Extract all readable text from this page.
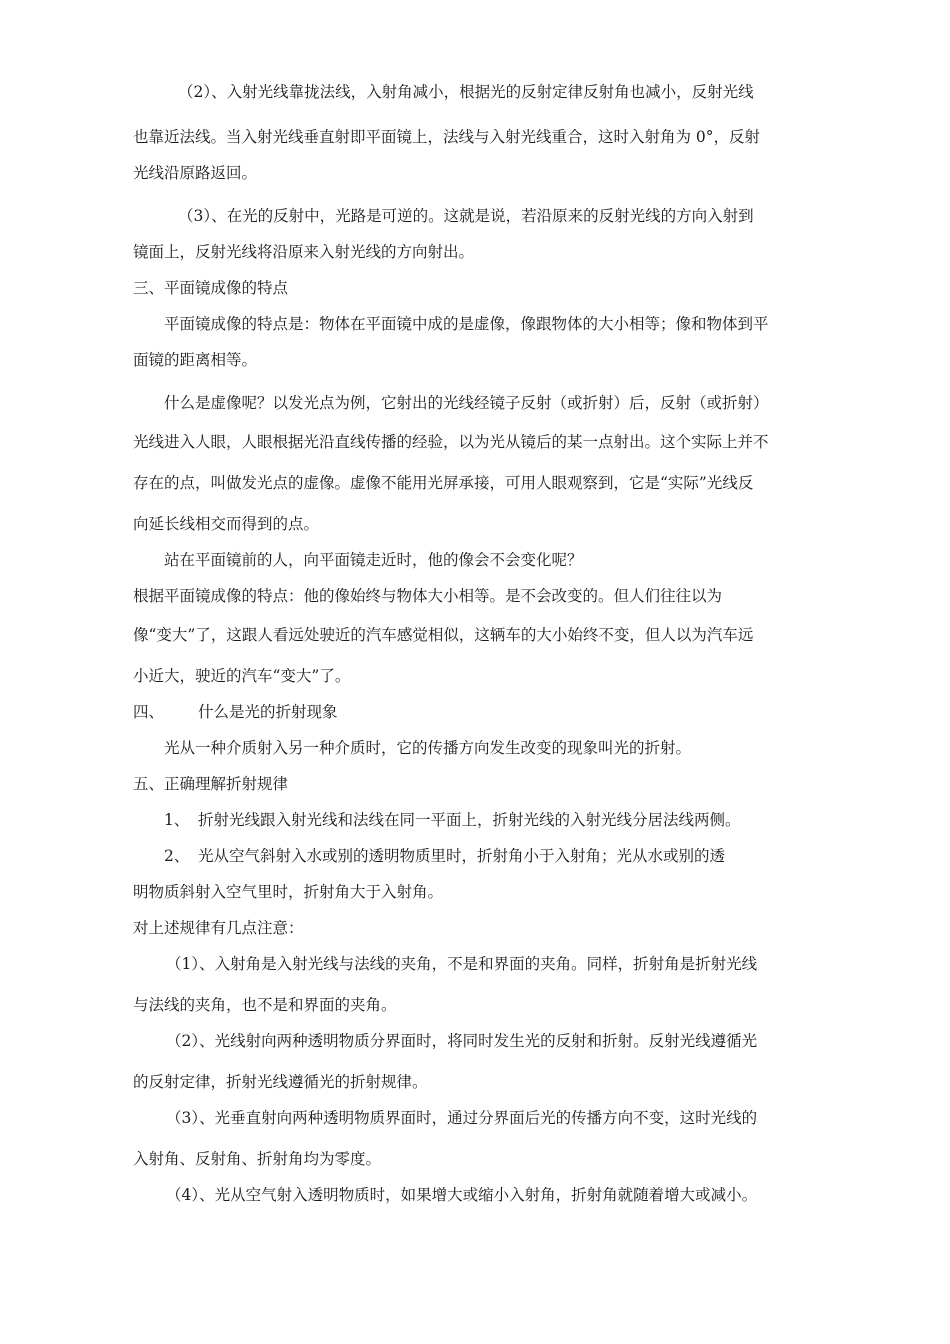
（2）、入射光线靠拢法线，入射角减小，根据光的反射定律反射角也减小，反射光线
也靠近法线。当入射光线垂直射即平面镜上，法线与入射光线重合，这时入射角为 0°，反射
光线沿原路返回。
（3）、在光的反射中，光路是可逆的。这就是说，若沿原来的反射光线的方向入射到
镜面上，反射光线将沿原来入射光线的方向射出。
三、平面镜成像的特点
平面镜成像的特点是：物体在平面镜中成的是虚像，像跟物体的大小相等；像和物体到平
面镜的距离相等。
什么是虚像呢？以发光点为例，它射出的光线经镜子反射（或折射）后，反射（或折射）
光线进入人眼，人眼根据光沿直线传播的经验，以为光从镜后的某一点射出。这个实际上并不
存在的点，叫做发光点的虚像。虚像不能用光屏承接，可用人眼观察到，它是“实际”光线反
向延长线相交而得到的点。
站在平面镜前的人，向平面镜走近时，他的像会不会变化呢？
根据平面镜成像的特点：他的像始终与物体大小相等。是不会改变的。但人们往往以为
像“变大”了，这跟人看远处驶近的汽车感觉相似，这辆车的大小始终不变，但人以为汽车远
小近大，驶近的汽车“变大”了。
四、 什么是光的折射现象
光从一种介质射入另一种介质时，它的传播方向发生改变的现象叫光的折射。
五、正确理解折射规律
1、 折射光线跟入射光线和法线在同一平面上，折射光线的入射光线分居法线两侧。
2、 光从空气斜射入水或别的透明物质里时，折射角小于入射角；光从水或别的透
明物质斜射入空气里时，折射角大于入射角。
对上述规律有几点注意：
（1）、入射角是入射光线与法线的夹角，不是和界面的夹角。同样，折射角是折射光线
与法线的夹角，也不是和界面的夹角。
（2）、光线射向两种透明物质分界面时，将同时发生光的反射和折射。反射光线遵循光
的反射定律，折射光线遵循光的折射规律。
（3）、光垂直射向两种透明物质界面时，通过分界面后光的传播方向不变，这时光线的
入射角、反射角、折射角均为零度。
（4）、光从空气射入透明物质时，如果增大或缩小入射角，折射角就随着增大或减小。
